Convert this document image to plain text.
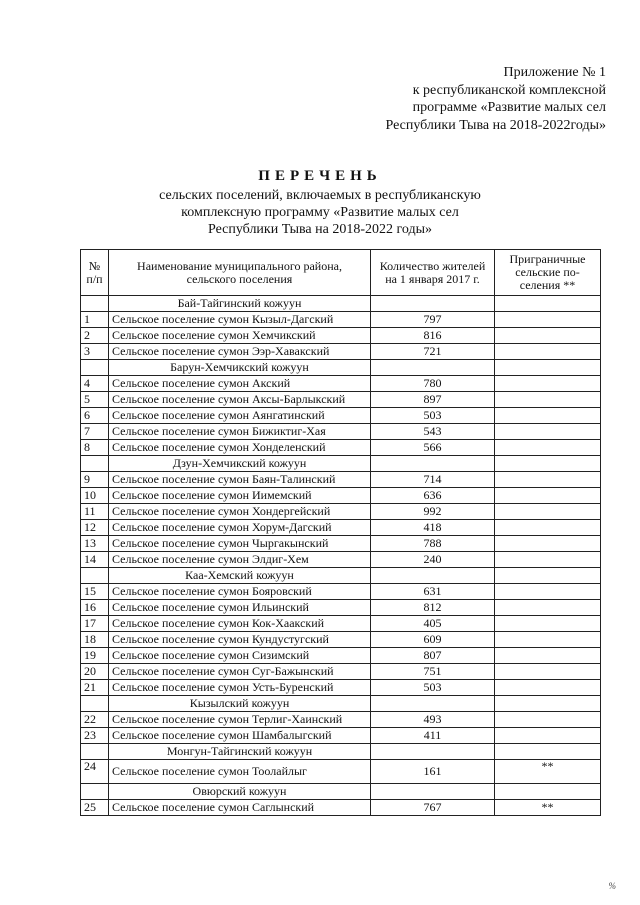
Приложение № 1
к республиканской комплексной
программе «Развитие малых сел
Республики Тыва на 2018-2022годы»
ПЕРЕЧЕНЬ
сельских поселений, включаемых в республиканскую
комплексную программу «Развитие малых сел
Республики Тыва на 2018-2022 годы»
№ п/п	Наименование муниципального района, сельского поселения	Количество жителей на 1 января 2017 г.	Приграничные сельские по-селения **
	Бай-Тайгинский кожуун		
1	Сельское поселение сумон Кызыл-Дагский	797	
2	Сельское поселение сумон Хемчикский	816	
3	Сельское поселение сумон Ээр-Хавакский	721	
	Барун-Хемчикский кожуун		
4	Сельское поселение сумон Акский	780	
5	Сельское поселение сумон Аксы-Барлыкский	897	
6	Сельское поселение сумон Аянгатинский	503	
7	Сельское поселение сумон Бижиктиг-Хая	543	
8	Сельское поселение сумон Хонделенский	566	
	Дзун-Хемчикский кожуун		
9	Сельское поселение сумон Баян-Талинский	714	
10	Сельское поселение сумон Иимемский	636	
11	Сельское поселение сумон Хондергейский	992	
12	Сельское поселение сумон Хорум-Дагский	418	
13	Сельское поселение сумон Чыргакынский	788	
14	Сельское поселение сумон Элдиг-Хем	240	
	Каа-Хемский кожуун		
15	Сельское поселение сумон Бояровский	631	
16	Сельское поселение сумон Ильинский	812	
17	Сельское поселение сумон Кок-Хаакский	405	
18	Сельское поселение сумон Кундустугский	609	
19	Сельское поселение сумон Сизимский	807	
20	Сельское поселение сумон Суг-Бажынский	751	
21	Сельское поселение сумон Усть-Буренский	503	
	Кызылский кожуун		
22	Сельское поселение сумон Терлиг-Хаинский	493	
23	Сельское поселение сумон Шамбалыгский	411	
	Монгун-Тайгинский кожуун		
24	Сельское поселение сумон Тоолайлыг	161	**
	Овюрский кожуун		
25	Сельское поселение сумон Саглынский	767	**
%
